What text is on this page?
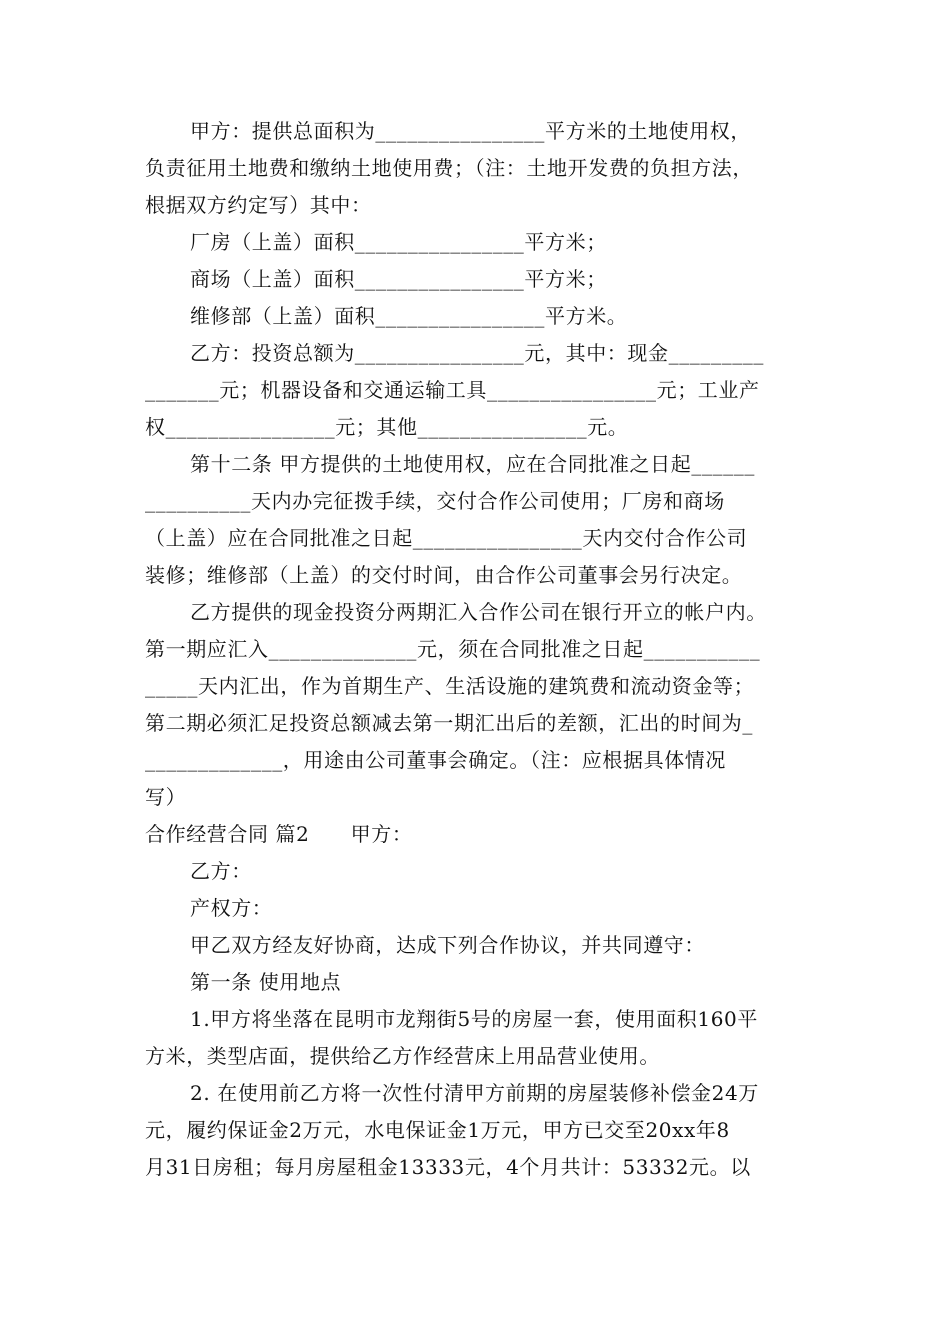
甲方：提供总面积为________________平方米的土地使用权，
负责征用土地费和缴纳土地使用费；（注：土地开发费的负担方法，
根据双方约定写）其中：
厂房（上盖）面积________________平方米；
商场（上盖）面积________________平方米；
维修部（上盖）面积________________平方米。
乙方：投资总额为________________元，其中：现金_________
_______元；机器设备和交通运输工具________________元；工业产
权________________元；其他________________元。
第十二条 甲方提供的土地使用权，应在合同批准之日起______
__________天内办完征拨手续，交付合作公司使用；厂房和商场
（上盖）应在合同批准之日起________________天内交付合作公司
装修；维修部（上盖）的交付时间，由合作公司董事会另行决定。
乙方提供的现金投资分两期汇入合作公司在银行开立的帐户内。
第一期应汇入______________元，须在合同批准之日起___________
_____天内汇出，作为首期生产、生活设施的建筑费和流动资金等；
第二期必须汇足投资总额减去第一期汇出后的差额，汇出的时间为_
_____________，用途由公司董事会确定。（注：应根据具体情况
写）
合作经营合同 篇2　　甲方：
乙方：
产权方：
甲乙双方经友好协商，达成下列合作协议，并共同遵守：
第一条 使用地点
1.甲方将坐落在昆明市龙翔街5号的房屋一套，使用面积160平
方米，类型店面，提供给乙方作经营床上用品营业使用。
2. 在使用前乙方将一次性付清甲方前期的房屋装修补偿金24万
元，履约保证金2万元，水电保证金1万元，甲方已交至20xx年8
月31日房租；每月房屋租金13333元，4个月共计：53332元。以
